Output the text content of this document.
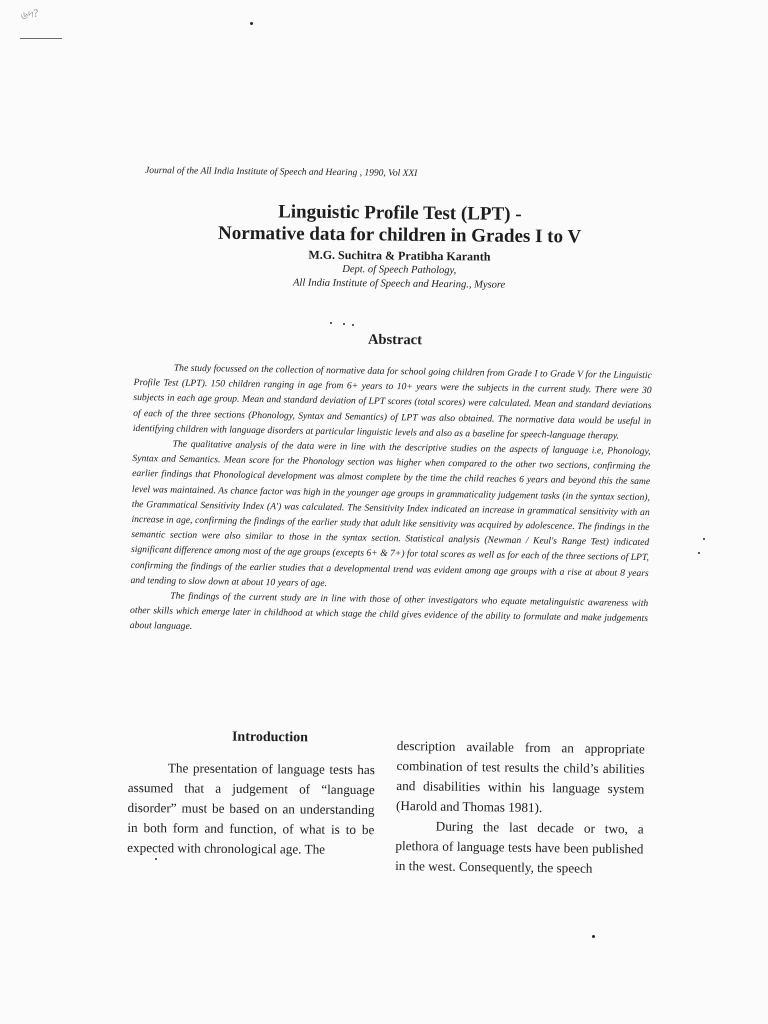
৬৸?
Journal of the All India Institute of Speech and Hearing , 1990, Vol XXI
Linguistic Profile Test (LPT) -
Normative data for children in Grades I to V
M.G. Suchitra & Pratibha Karanth
Dept. of Speech Pathology,
All India Institute of Speech and Hearing., Mysore
Abstract

The study focussed on the collection of normative data for school going children from Grade I to Grade V for the Linguistic Profile Test (LPT). 150 children ranging in age from 6+ years to 10+ years were the subjects in the current study. There were 30 subjects in each age group. Mean and standard deviation of LPT scores (total scores) were calculated. Mean and standard deviations of each of the three sections (Phonology, Syntax and Semantics) of LPT was also obtained. The normative data would be useful in identifying children with language disorders at particular linguistic levels and also as a baseline for speech-language therapy.

The qualitative analysis of the data were in line with the descriptive studies on the aspects of language i.e, Phonology, Syntax and Semantics. Mean score for the Phonology section was higher when compared to the other two sections, confirming the earlier findings that Phonological development was almost complete by the time the child reaches 6 years and beyond this the same level was maintained. As chance factor was high in the younger age groups in grammaticality judgement tasks (in the syntax section), the Grammatical Sensitivity Index (A') was calculated. The Sensitivity Index indicated an increase in grammatical sensitivity with an increase in age, confirming the findings of the earlier study that adult like sensitivity was acquired by adolescence. The findings in the semantic section were also similar to those in the syntax section. Statistical analysis (Newman / Keul's Range Test) indicated significant difference among most of the age groups (excepts 6+ & 7+) for total scores as well as for each of the three sections of LPT, confirming the findings of the earlier studies that a developmental trend was evident among age groups with a rise at about 8 years and tending to slow down at about 10 years of age.

The findings of the current study are in line with those of other investigators who equate metalinguistic awareness with other skills which emerge later in childhood at which stage the child gives evidence of the ability to formulate and make judgements about language.

Introduction

The presentation of language tests has assumed that a judgement of “language disorder” must be based on an understanding in both form and function, of what is to be expected with chronological age. The

description available from an appropriate combination of test results the child’s abilities and disabilities within his language system (Harold and Thomas 1981).

During the last decade or two, a plethora of language tests have been published in the west. Consequently, the speech
